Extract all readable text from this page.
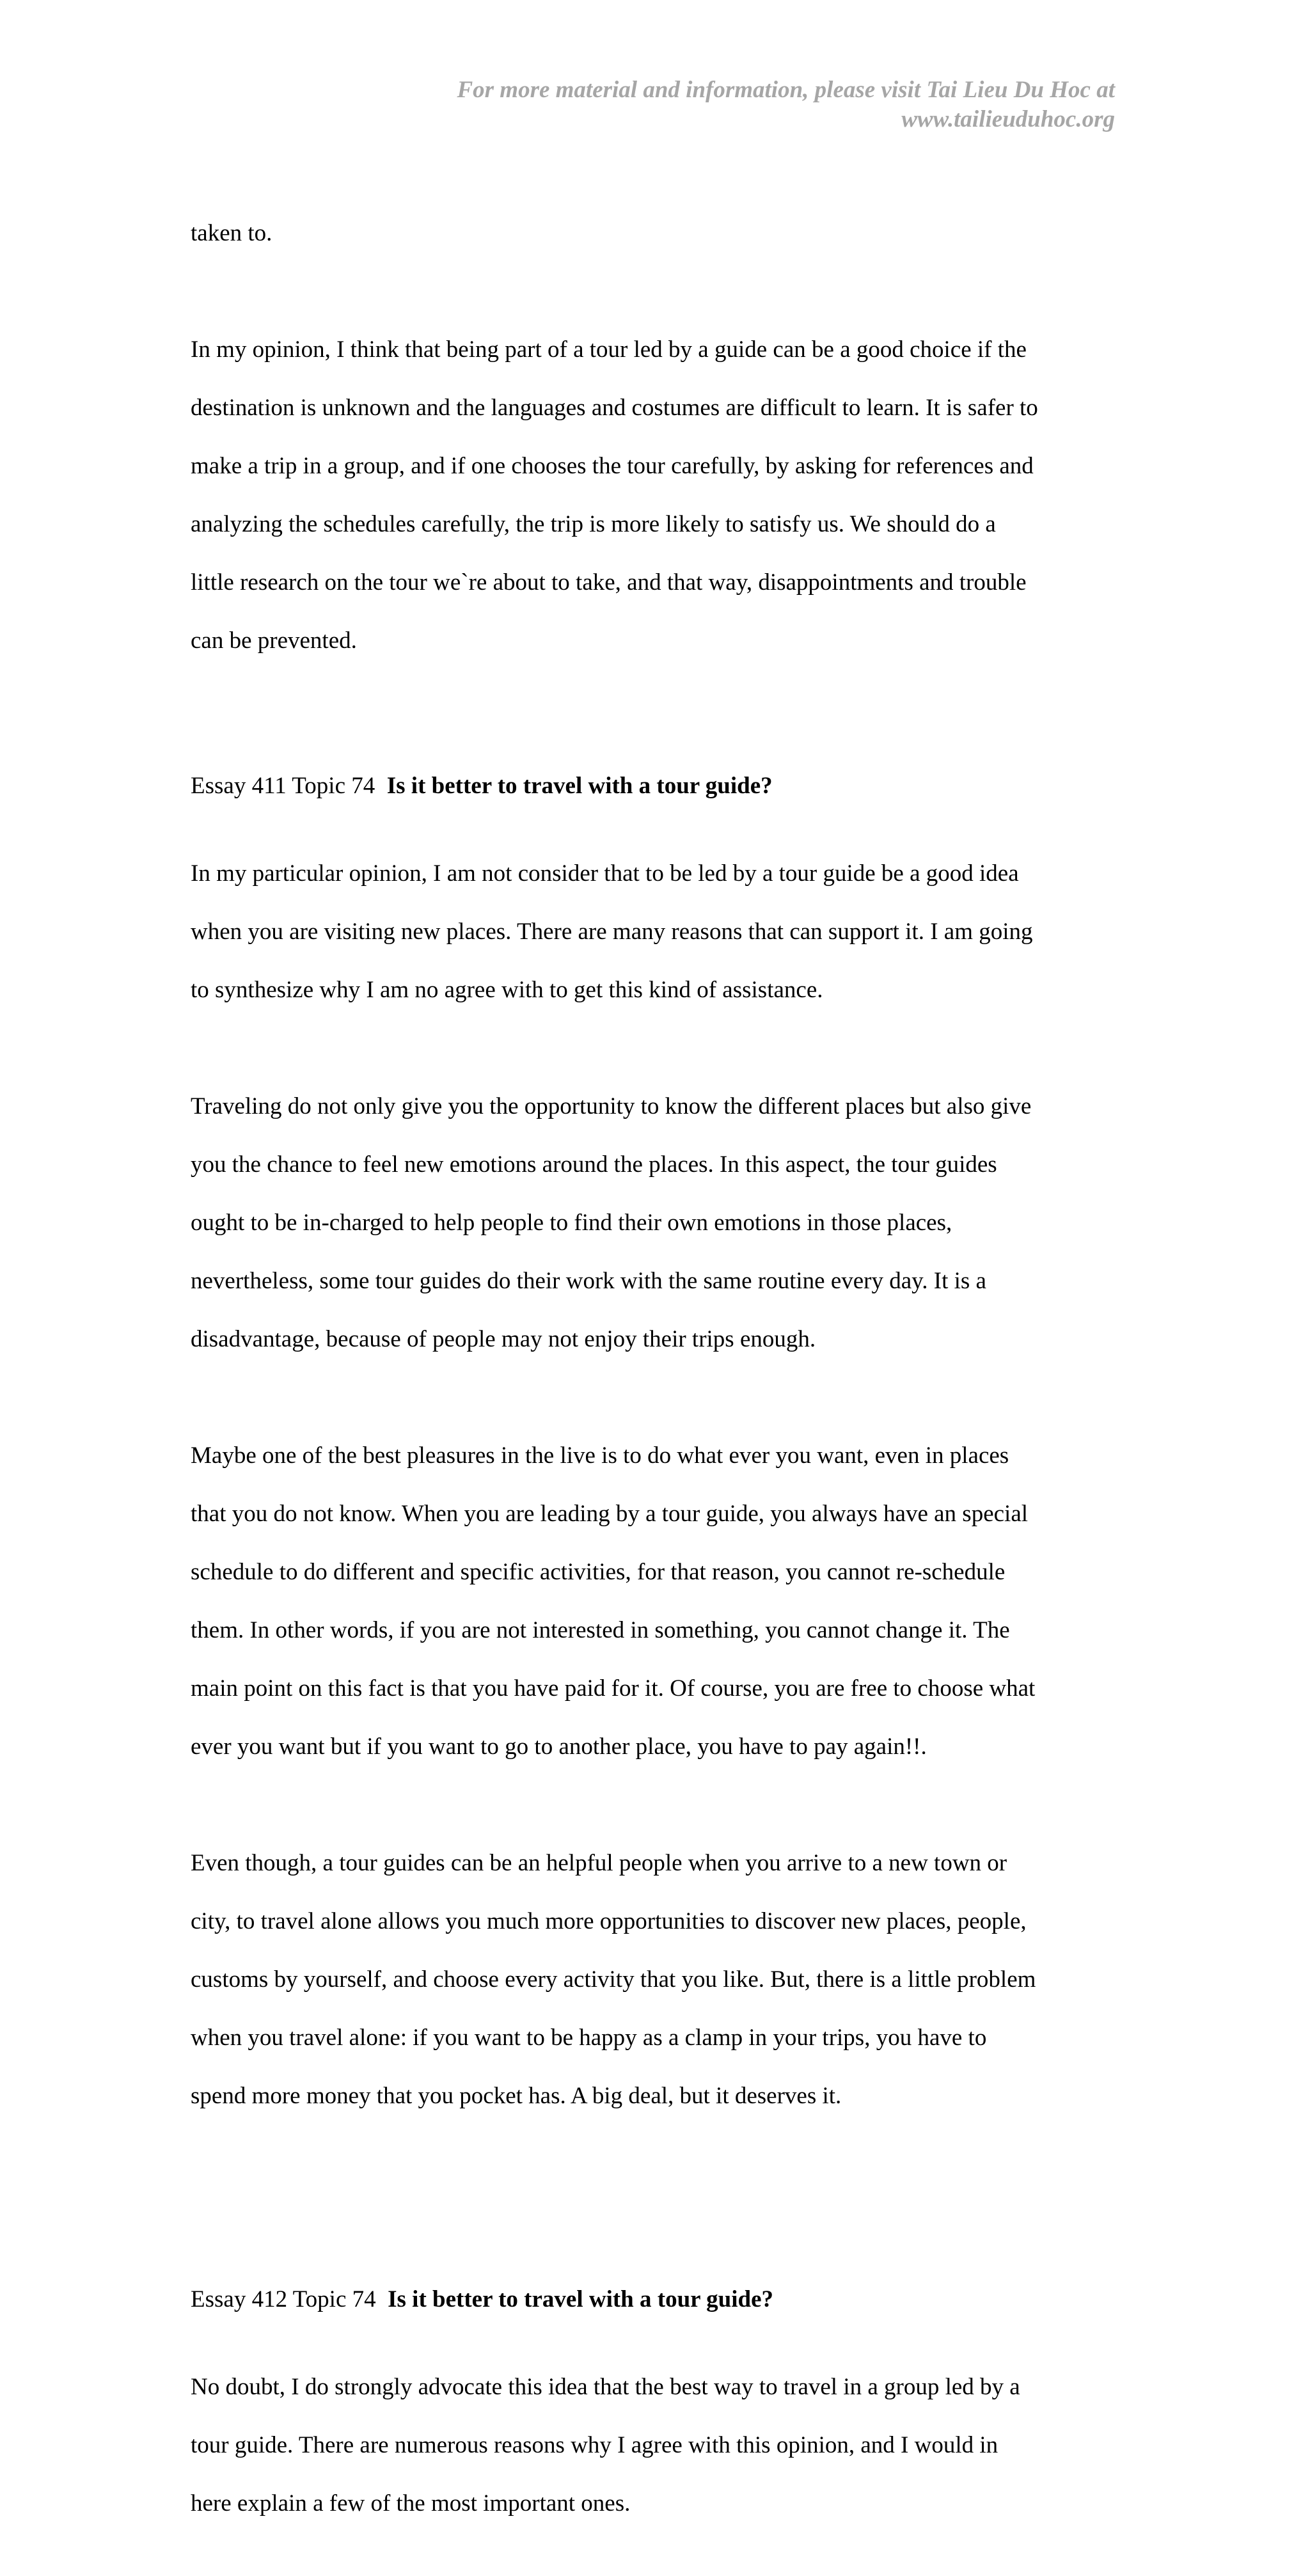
For more material and information, please visit Tai Lieu Du Hoc at
www.tailieuduhoc.org

taken to.

In my opinion, I think that being part of a tour led by a guide can be a good choice if the

destination is unknown and the languages and costumes are difficult to learn. It is safer to

make a trip in a group, and if one chooses the tour carefully, by asking for references and

analyzing the schedules carefully, the trip is more likely to satisfy us. We should do a

little research on the tour we`re about to take, and that way, disappointments and trouble

can be prevented.

Essay 411 Topic 74 Is it better to travel with a tour guide?

In my particular opinion, I am not consider that to be led by a tour guide be a good idea

when you are visiting new places. There are many reasons that can support it. I am going

to synthesize why I am no agree with to get this kind of assistance.

Traveling do not only give you the opportunity to know the different places but also give

you the chance to feel new emotions around the places. In this aspect, the tour guides

ought to be in-charged to help people to find their own emotions in those places,

nevertheless, some tour guides do their work with the same routine every day. It is a

disadvantage, because of people may not enjoy their trips enough.

Maybe one of the best pleasures in the live is to do what ever you want, even in places

that you do not know. When you are leading by a tour guide, you always have an special

schedule to do different and specific activities, for that reason, you cannot re-schedule

them. In other words, if you are not interested in something, you cannot change it. The

main point on this fact is that you have paid for it. Of course, you are free to choose what

ever you want but if you want to go to another place, you have to pay again!!.

Even though, a tour guides can be an helpful people when you arrive to a new town or

city, to travel alone allows you much more opportunities to discover new places, people,

customs by yourself, and choose every activity that you like. But, there is a little problem

when you travel alone: if you want to be happy as a clamp in your trips, you have to

spend more money that you pocket has. A big deal, but it deserves it.

Essay 412 Topic 74 Is it better to travel with a tour guide?

No doubt, I do strongly advocate this idea that the best way to travel in a group led by a

tour guide. There are numerous reasons why I agree with this opinion, and I would in

here explain a few of the most important ones.
